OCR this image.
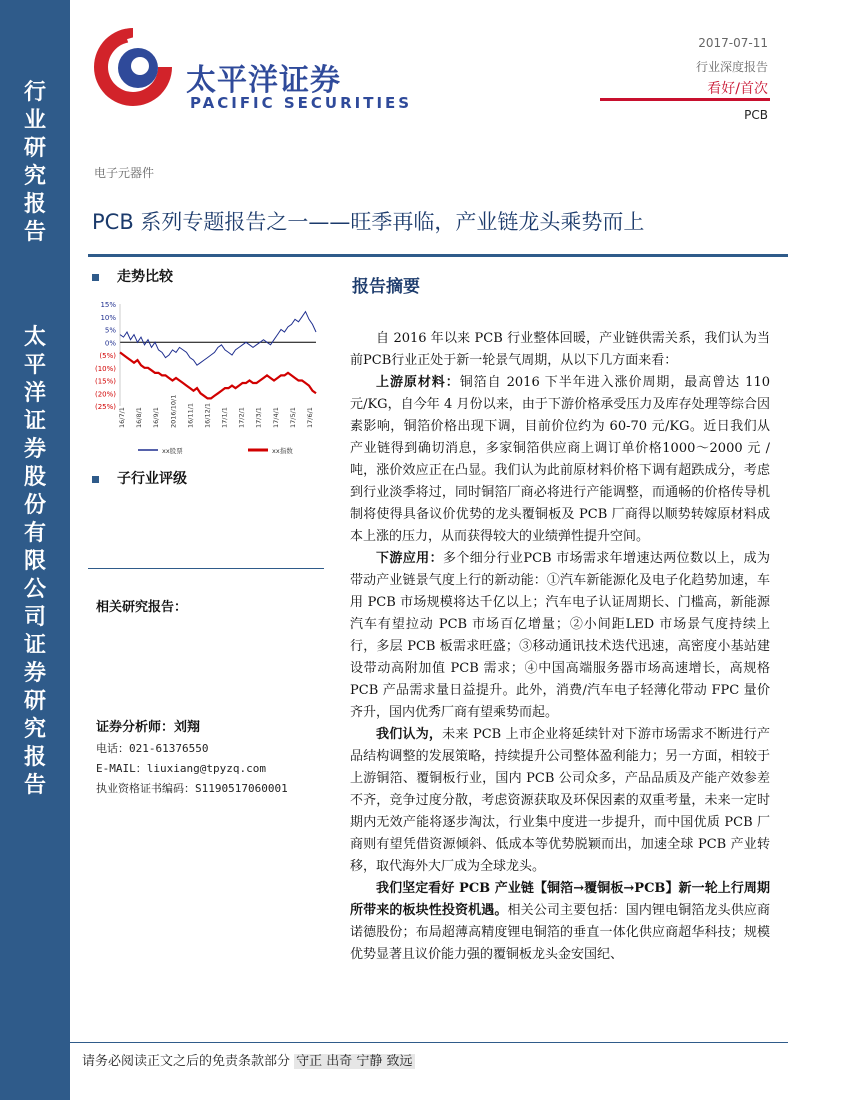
行
业
研
究
报
告
太
平
洋
证
券
股
份
有
限
公
司
证
券
研
究
报
告
太平洋证券
PACIFIC SECURITIES
2017-07-11
行业深度报告
看好/首次
PCB
电子元器件
PCB 系列专题报告之一——旺季再临，产业链龙头乘势而上
走势比较
15%
10%
5%
0%
(5%)
(10%)
(15%)
(20%)
(25%)
16/7/1 16/8/1 16/9/1 2016/10/1 16/11/1 16/12/1 17/1/1 17/2/1 17/3/1 17/4/1 17/5/1 17/6/1
xx股票	xx指数
子行业评级
相关研究报告：
证券分析师：刘翔
电话：021-61376550
E-MAIL：liuxiang@tpyzq.com
执业资格证书编码：S1190517060001
报告摘要

自 2016 年以来 PCB 行业整体回暖，产业链供需关系，我们认为当前PCB行业正处于新一轮景气周期，从以下几方面来看：

上游原材料：铜箔自 2016 下半年进入涨价周期，最高曾达 110元/KG，自今年 4 月份以来，由于下游价格承受压力及库存处理等综合因素影响，铜箔价格出现下调，目前价位约为 60-70 元/KG。近日我们从产业链得到确切消息，多家铜箔供应商上调订单价格1000～2000 元 / 吨，涨价效应正在凸显。我们认为此前原材料价格下调有超跌成分，考虑到行业淡季将过，同时铜箔厂商必将进行产能调整，而通畅的价格传导机制将使得具备议价优势的龙头覆铜板及 PCB 厂商得以顺势转嫁原材料成本上涨的压力，从而获得较大的业绩弹性提升空间。

下游应用：多个细分行业PCB 市场需求年增速达两位数以上，成为带动产业链景气度上行的新动能：①汽车新能源化及电子化趋势加速，车用 PCB 市场规模将达千亿以上；汽车电子认证周期长、门槛高，新能源汽车有望拉动 PCB 市场百亿增量；②小间距LED 市场景气度持续上行，多层 PCB 板需求旺盛；③移动通讯技术迭代迅速，高密度小基站建设带动高附加值 PCB 需求；④中国高端服务器市场高速增长，高规格 PCB 产品需求量日益提升。此外，消费/汽车电子轻薄化带动 FPC 量价齐升，国内优秀厂商有望乘势而起。

我们认为，未来 PCB 上市企业将延续针对下游市场需求不断进行产品结构调整的发展策略，持续提升公司整体盈利能力；另一方面，相较于上游铜箔、覆铜板行业，国内 PCB 公司众多，产品品质及产能产效参差不齐，竞争过度分散，考虑资源获取及环保因素的双重考量，未来一定时期内无效产能将逐步淘汰，行业集中度进一步提升，而中国优质 PCB 厂商则有望凭借资源倾斜、低成本等优势脱颖而出，加速全球 PCB 产业转移，取代海外大厂成为全球龙头。

我们坚定看好 PCB 产业链【铜箔→覆铜板→PCB】新一轮上行周期所带来的板块性投资机遇。相关公司主要包括：国内锂电铜箔龙头供应商诺德股份；布局超薄高精度锂电铜箔的垂直一体化供应商超华科技；规模优势显著且议价能力强的覆铜板龙头金安国纪、

请务必阅读正文之后的免责条款部分 守正 出奇 宁静 致远
